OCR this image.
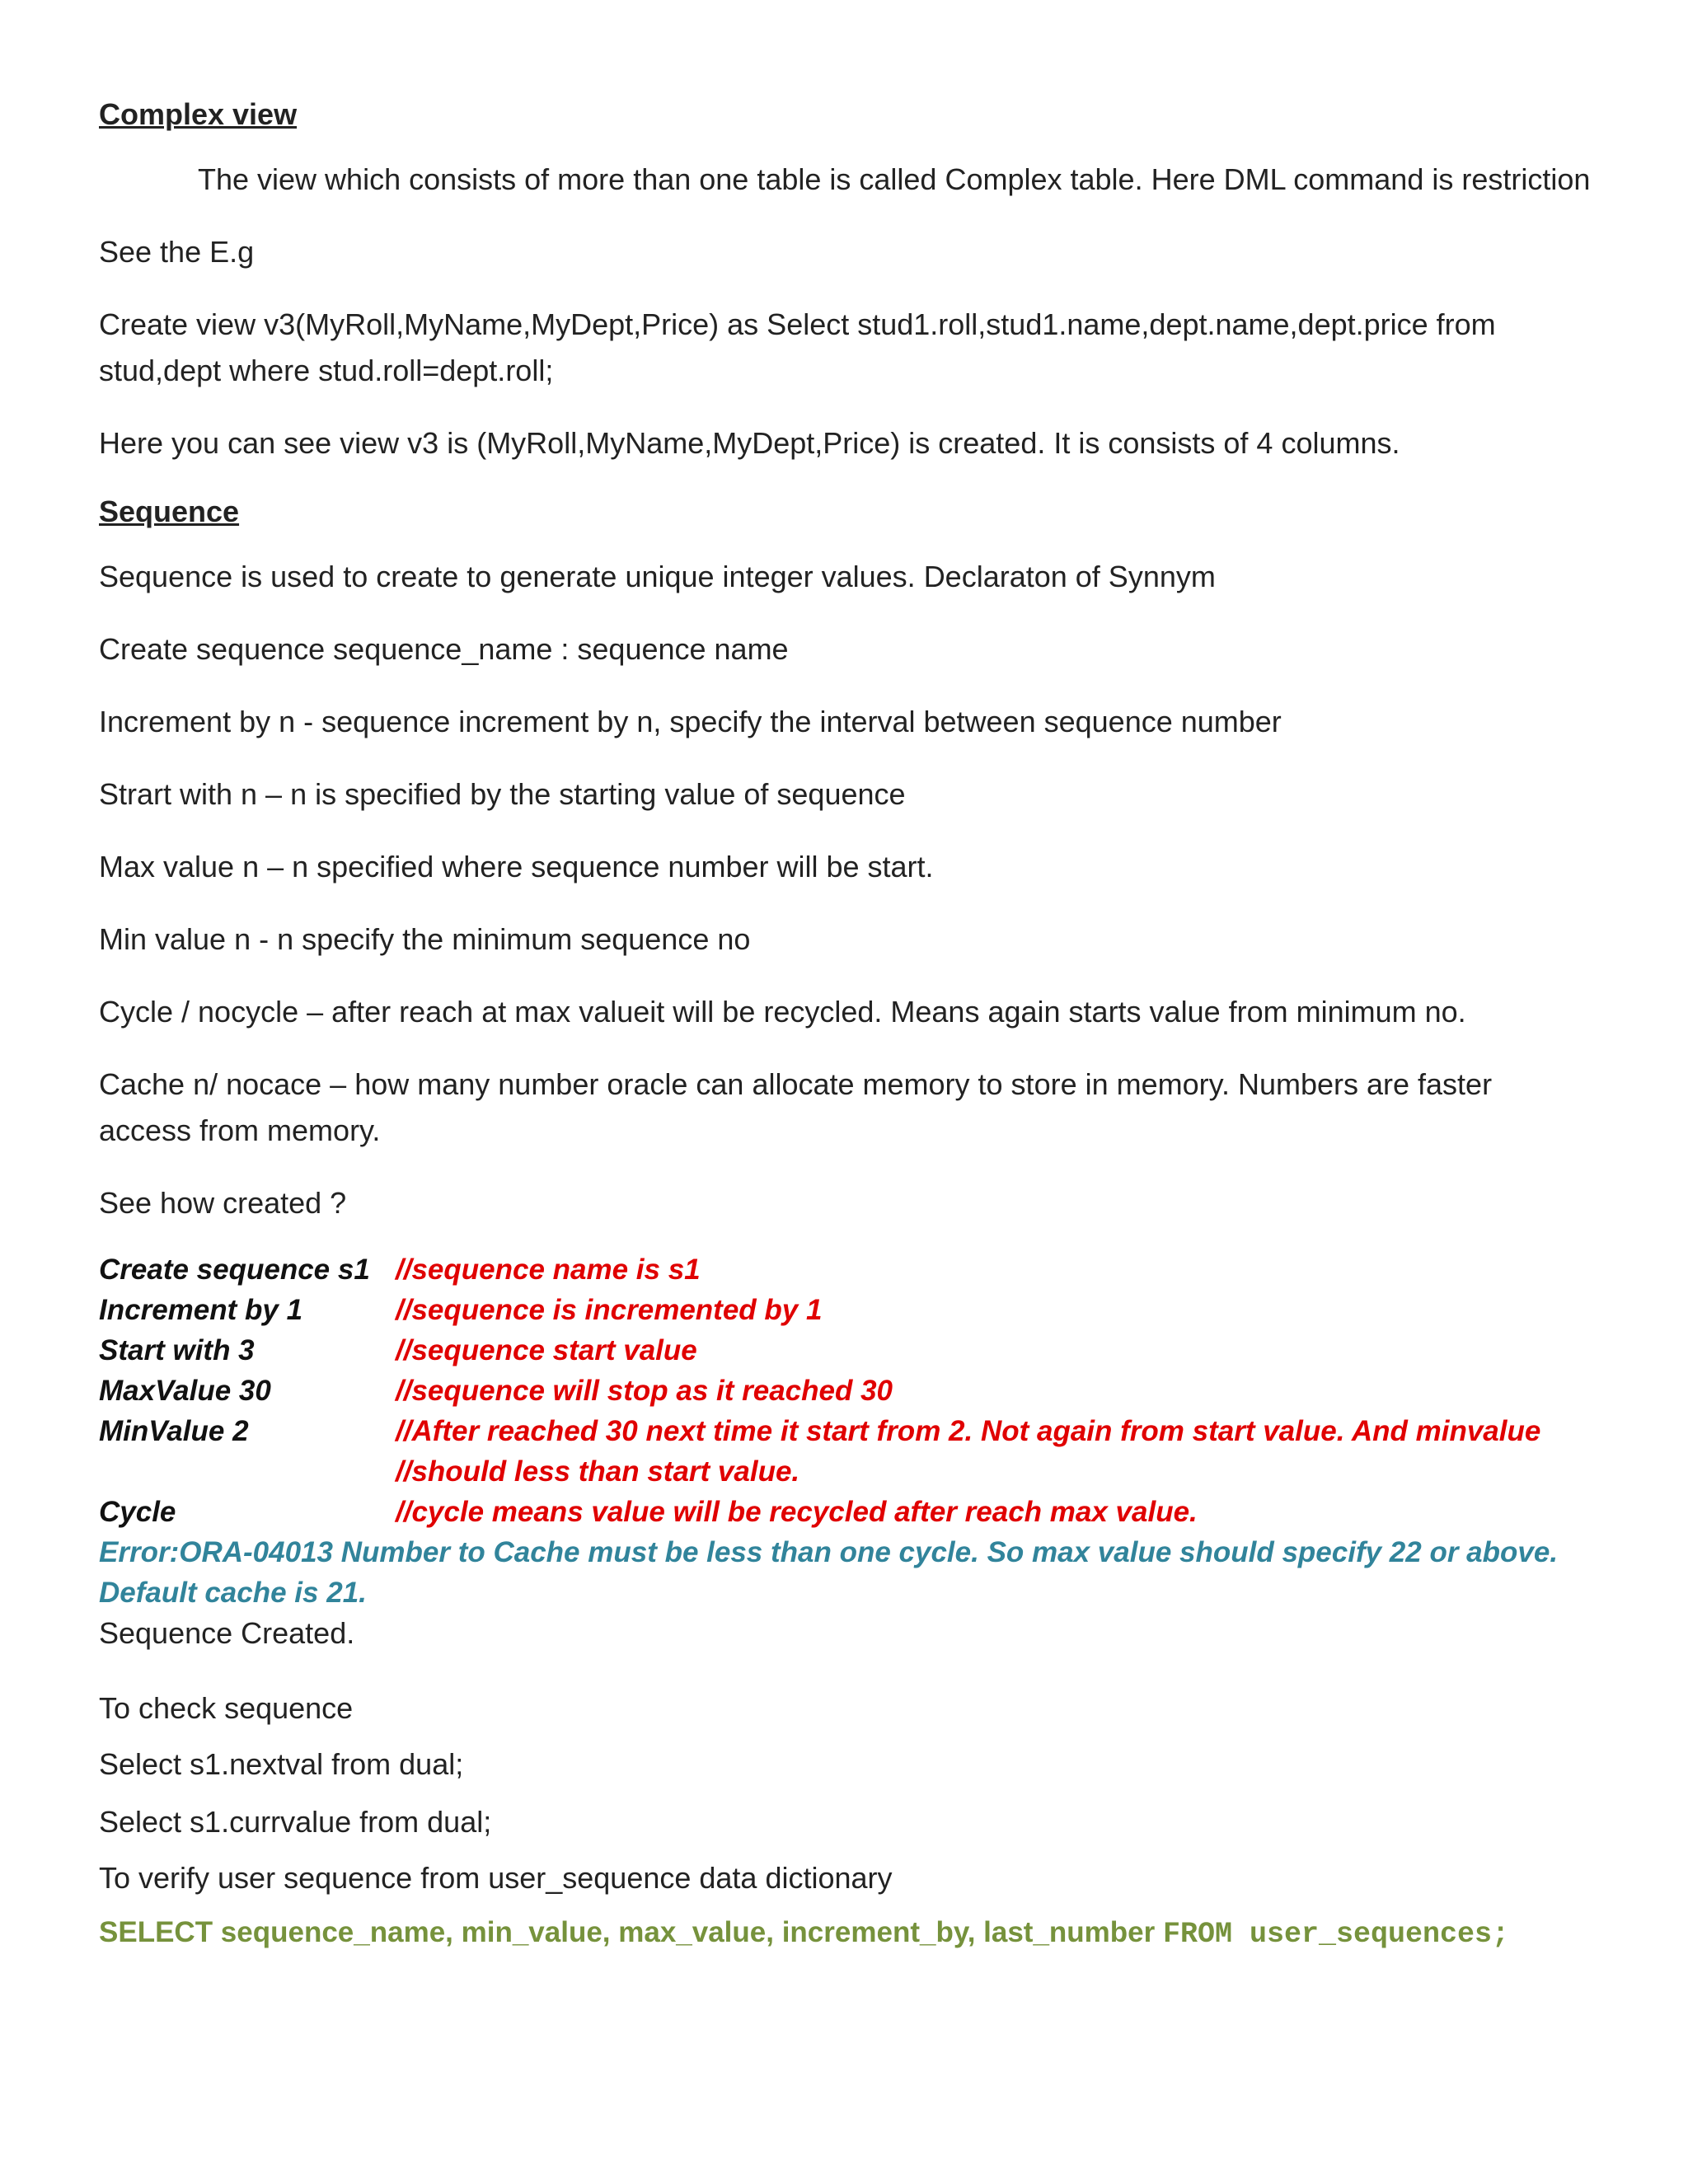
Complex view

The view which consists of more than one table is called Complex table. Here DML command is restriction

See the E.g

Create view v3(MyRoll,MyName,MyDept,Price) as Select stud1.roll,stud1.name,dept.name,dept.price from stud,dept where stud.roll=dept.roll;

Here you can see view v3 is (MyRoll,MyName,MyDept,Price) is created. It is consists of 4 columns.

Sequence

Sequence is used to create to generate unique integer values. Declaraton of Synnym

Create sequence sequence_name : sequence name

Increment by n - sequence increment by n, specify the interval between sequence number

Strart with n – n is specified by the starting value of sequence

Max value n – n specified where sequence number will be start.

Min value n - n specify the minimum sequence no

Cycle / nocycle – after reach at max valueit will be recycled. Means again starts value from minimum no.

Cache n/ nocace – how many number oracle can allocate memory to store in memory. Numbers are faster access from memory.

See how created ?

Create sequence s1 //sequence name is s1
Increment by 1	//sequence is incremented by 1
Start with 3	//sequence start value
MaxValue 30	//sequence will stop as it reached 30
MinValue 2	//After reached 30 next time it start from 2. Not again from start value. And minvalue //should less than start value.
Cycle	//cycle means value will be recycled after reach max value.
Error:ORA-04013 Number to Cache must be less than one cycle. So max value should specify 22 or above. Default cache is 21.

Sequence Created.

To check sequence

Select s1.nextval from dual;

Select s1.currvalue from dual;

To verify user sequence from user_sequence data dictionary

SELECT sequence_name, min_value, max_value, increment_by, last_number FROM user_sequences;
